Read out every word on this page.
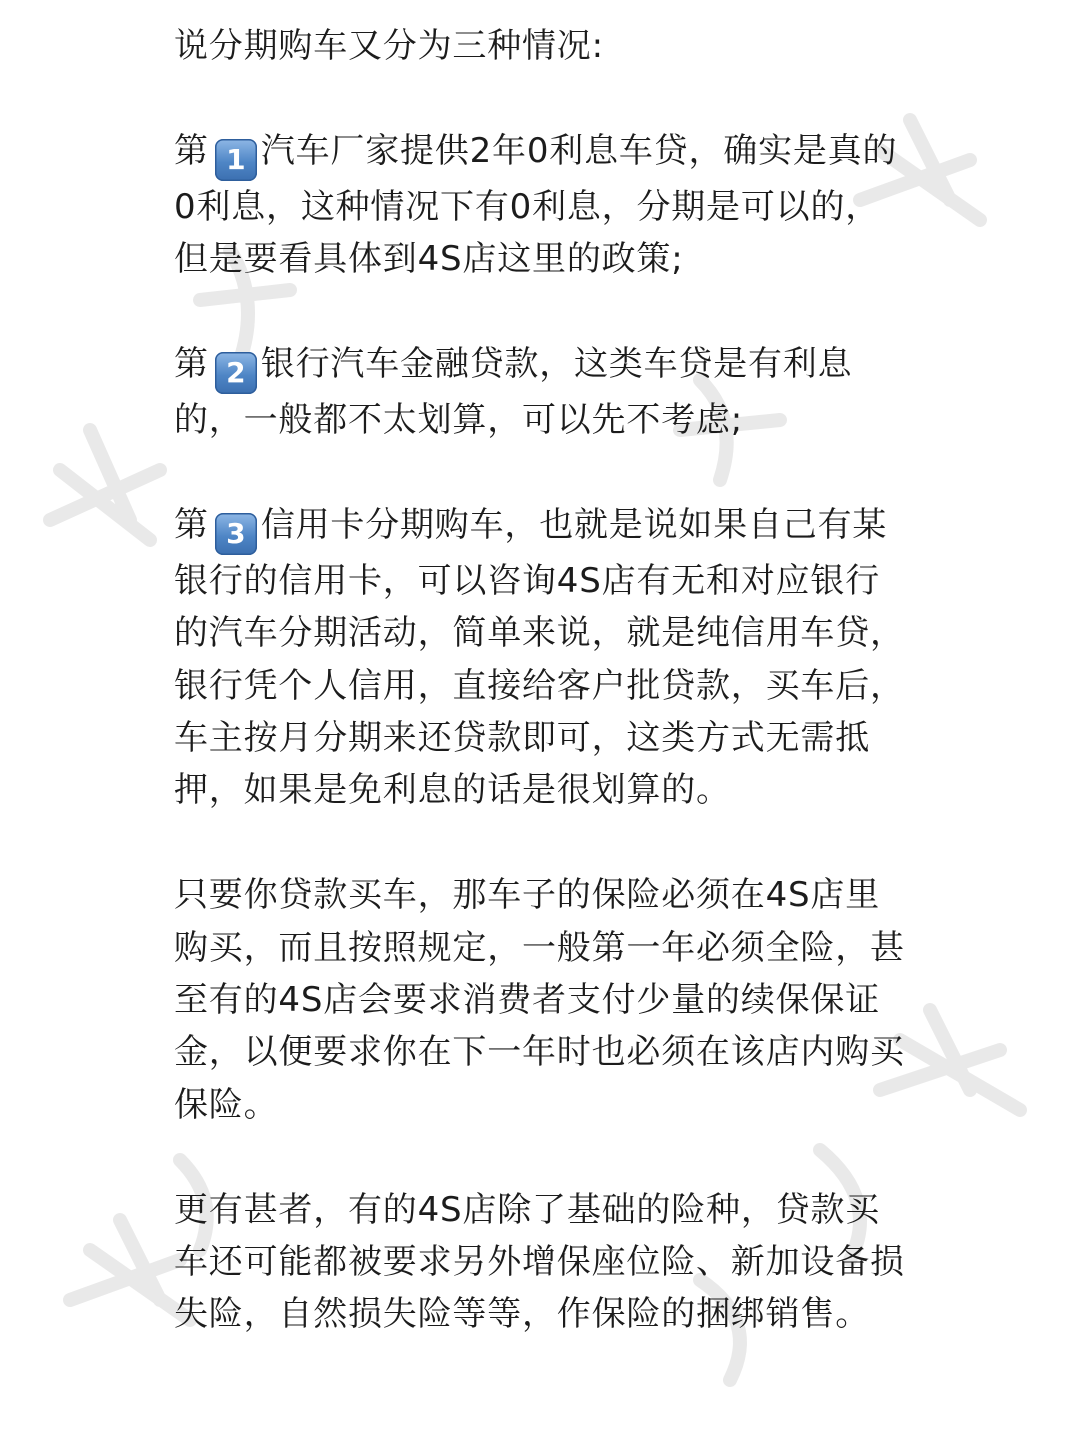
说分期购车又分为三种情况:

第 1 汽车厂家提供2年0利息车贷，确实是真的0利息，这种情况下有0利息，分期是可以的，但是要看具体到4S店这里的政策;

第 2 银行汽车金融贷款，这类车贷是有利息的，一般都不太划算，可以先不考虑;

第 3 信用卡分期购车，也就是说如果自己有某银行的信用卡，可以咨询4S店有无和对应银行的汽车分期活动，简单来说，就是纯信用车贷，银行凭个人信用，直接给客户批贷款，买车后，车主按月分期来还贷款即可，这类方式无需抵押，如果是免利息的话是很划算的。

只要你贷款买车，那车子的保险必须在4S店里购买，而且按照规定，一般第一年必须全险，甚至有的4S店会要求消费者支付少量的续保保证金，以便要求你在下一年时也必须在该店内购买保险。

更有甚者，有的4S店除了基础的险种，贷款买车还可能都被要求另外增保座位险、新加设备损失险，自然损失险等等，作保险的捆绑销售。
